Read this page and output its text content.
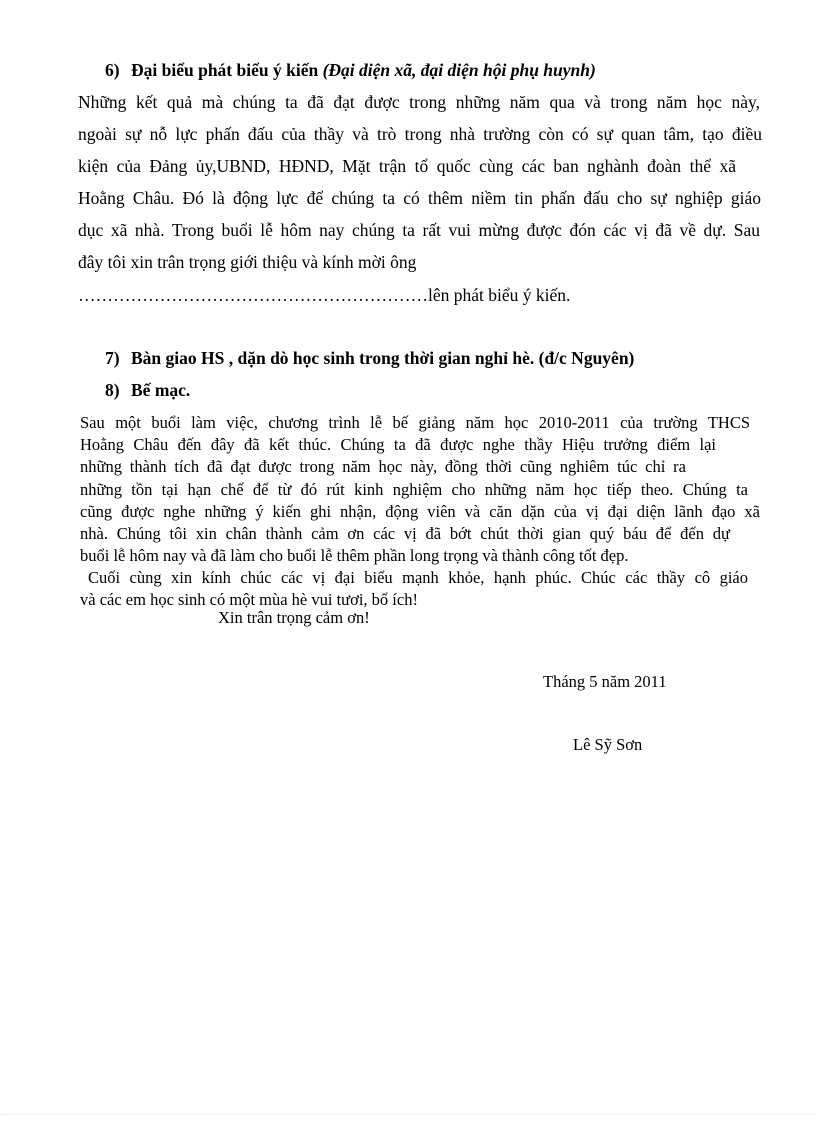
6) Đại biểu phát biểu ý kiến (Đại diện xã, đại diện hội phụ huynh)
Những kết quả mà chúng ta đã đạt được trong những năm qua và trong năm học này,
ngoài sự nỗ lực phấn đấu của thầy và trò trong nhà trường còn có sự quan tâm, tạo điều
kiện của Đảng ủy,UBND, HĐND, Mặt trận tổ quốc cùng các ban nghành đoàn thể xã
Hoằng Châu. Đó là động lực để chúng ta có thêm niềm tin phấn đấu cho sự nghiệp giáo
dục xã nhà. Trong buổi lễ hôm nay chúng ta rất vui mừng được đón các vị đã về dự. Sau
đây tôi xin trân trọng giới thiệu và kính mời ông
……………………………………………………lên phát biểu ý kiến.
7) Bàn giao HS , dặn dò học sinh trong thời gian nghỉ hè. (đ/c Nguyên)
8) Bế mạc.
Sau một buổi làm việc, chương trình lễ bế giảng năm học 2010-2011 của trường THCS
Hoằng Châu đến đây đã kết thúc. Chúng ta đã được nghe thầy Hiệu trưởng điểm lại
những thành tích đã đạt được trong năm học này, đồng thời cũng nghiêm túc chỉ ra
những tồn tại hạn chế để từ đó rút kinh nghiệm cho những năm học tiếp theo. Chúng ta
cũng được nghe những ý kiến ghi nhận, động viên và căn dặn của vị đại diện lãnh đạo xã
nhà. Chúng tôi xin chân thành cảm ơn các vị đã bớt chút thời gian quý báu để đến dự
buổi lễ hôm nay và đã làm cho buổi lễ thêm phần long trọng và thành công tốt đẹp.
Cuối cùng xin kính chúc các vị đại biểu mạnh khỏe, hạnh phúc. Chúc các thầy cô giáo
và các em học sinh có một mùa hè vui tươi, bổ ích!
Xin trân trọng cảm ơn!
Tháng 5 năm 2011
Lê Sỹ Sơn
